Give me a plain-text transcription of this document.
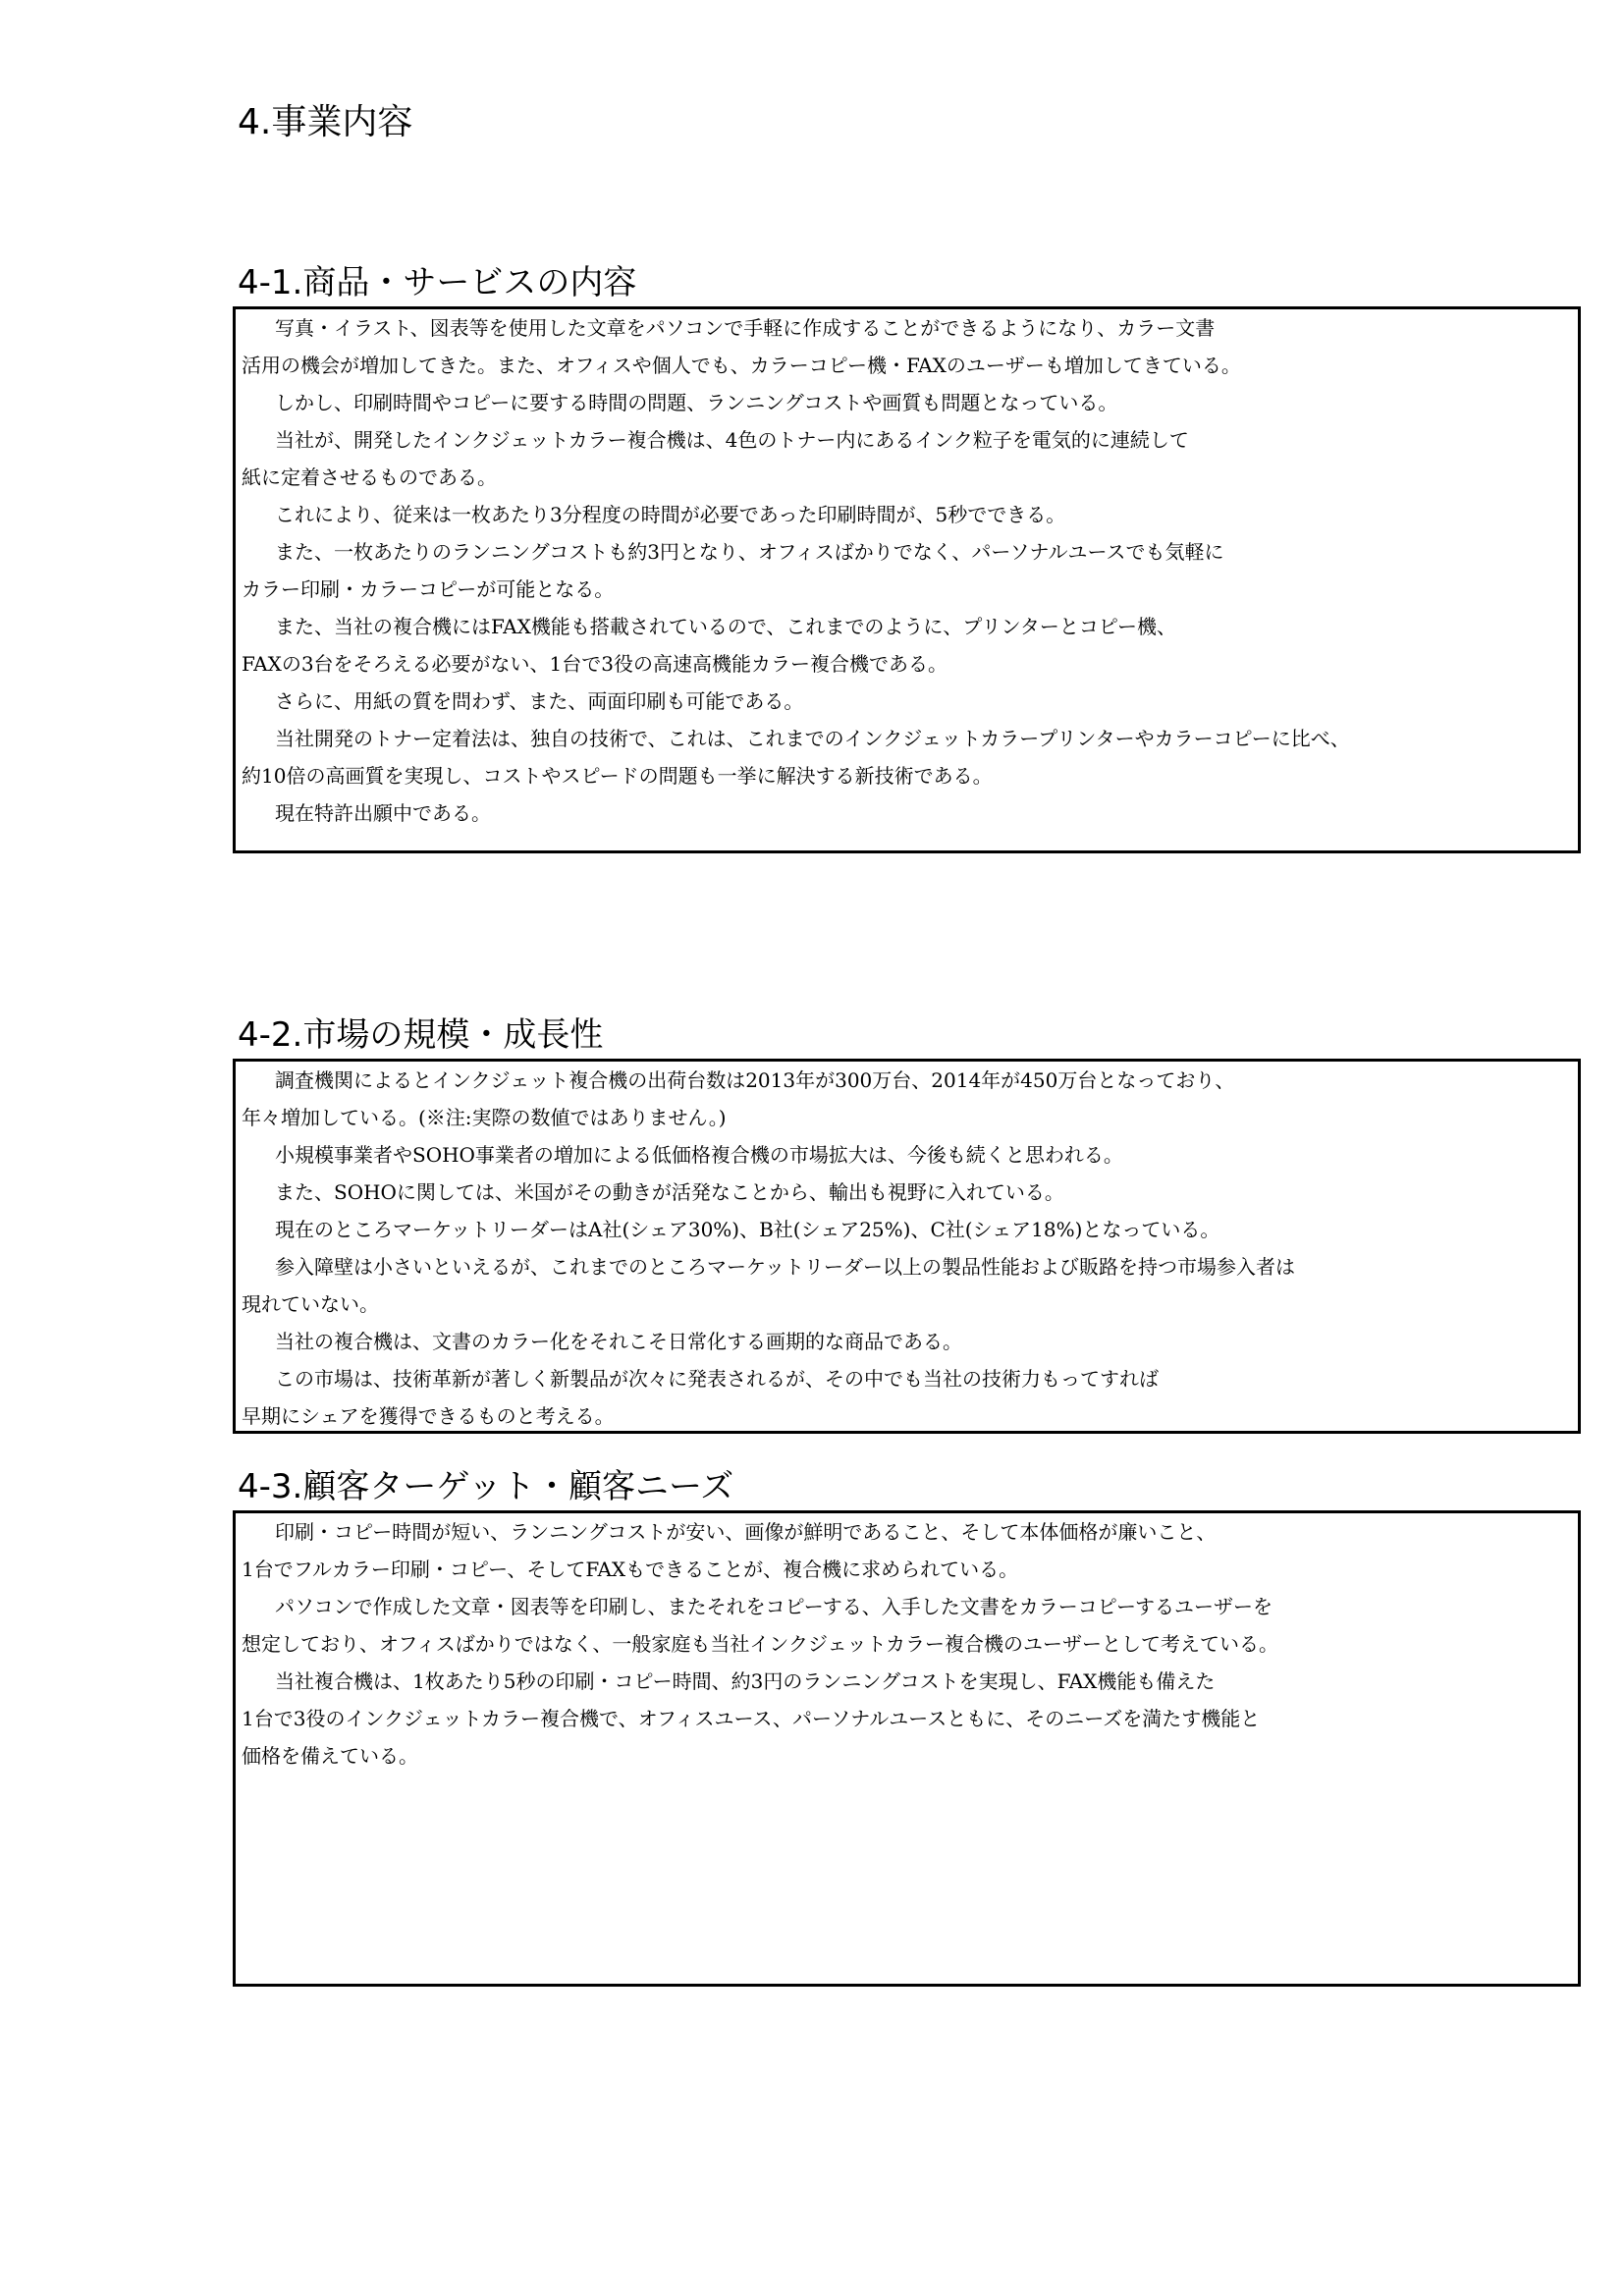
4.事業内容
4-1.商品・サービスの内容
写真・イラスト、図表等を使用した文章をパソコンで手軽に作成することができるようになり、カラー文書
活用の機会が増加してきた。また、オフィスや個人でも、カラーコピー機・FAXのユーザーも増加してきている。
しかし、印刷時間やコピーに要する時間の問題、ランニングコストや画質も問題となっている。
当社が、開発したインクジェットカラー複合機は、4色のトナー内にあるインク粒子を電気的に連続して
紙に定着させるものである。
これにより、従来は一枚あたり3分程度の時間が必要であった印刷時間が、5秒でできる。
また、一枚あたりのランニングコストも約3円となり、オフィスばかりでなく、パーソナルユースでも気軽に
カラー印刷・カラーコピーが可能となる。
また、当社の複合機にはFAX機能も搭載されているので、これまでのように、プリンターとコピー機、
FAXの3台をそろえる必要がない、1台で3役の高速高機能カラー複合機である。
さらに、用紙の質を問わず、また、両面印刷も可能である。
当社開発のトナー定着法は、独自の技術で、これは、これまでのインクジェットカラープリンターやカラーコピーに比べ、
約10倍の高画質を実現し、コストやスピードの問題も一挙に解決する新技術である。
現在特許出願中である。
4-2.市場の規模・成長性
調査機関によるとインクジェット複合機の出荷台数は2013年が300万台、2014年が450万台となっており、
年々増加している。(※注:実際の数値ではありません。)
小規模事業者やSOHO事業者の増加による低価格複合機の市場拡大は、今後も続くと思われる。
また、SOHOに関しては、米国がその動きが活発なことから、輸出も視野に入れている。
現在のところマーケットリーダーはA社(シェア30%)、B社(シェア25%)、C社(シェア18%)となっている。
参入障壁は小さいといえるが、これまでのところマーケットリーダー以上の製品性能および販路を持つ市場参入者は
現れていない。
当社の複合機は、文書のカラー化をそれこそ日常化する画期的な商品である。
この市場は、技術革新が著しく新製品が次々に発表されるが、その中でも当社の技術力もってすれば
早期にシェアを獲得できるものと考える。
4-3.顧客ターゲット・顧客ニーズ
印刷・コピー時間が短い、ランニングコストが安い、画像が鮮明であること、そして本体価格が廉いこと、
1台でフルカラー印刷・コピー、そしてFAXもできることが、複合機に求められている。
パソコンで作成した文章・図表等を印刷し、またそれをコピーする、入手した文書をカラーコピーするユーザーを
想定しており、オフィスばかりではなく、一般家庭も当社インクジェットカラー複合機のユーザーとして考えている。
当社複合機は、1枚あたり5秒の印刷・コピー時間、約3円のランニングコストを実現し、FAX機能も備えた
1台で3役のインクジェットカラー複合機で、オフィスユース、パーソナルユースともに、そのニーズを満たす機能と
価格を備えている。
